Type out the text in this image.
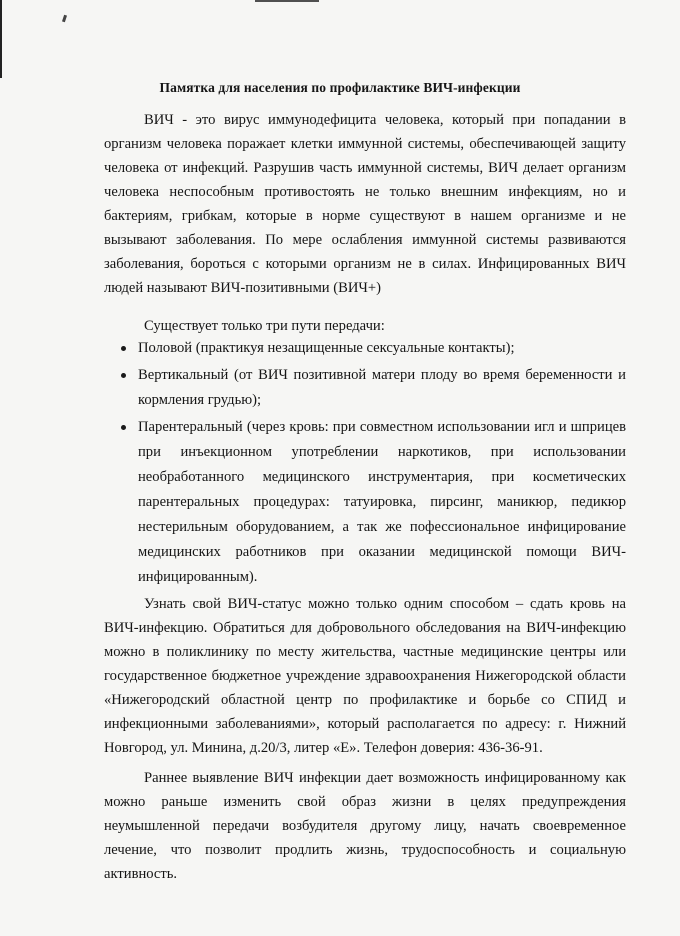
Памятка для населения по профилактике ВИЧ-инфекции

ВИЧ - это вирус иммунодефицита человека, который при попадании в организм человека поражает клетки иммунной системы, обеспечивающей защиту человека от инфекций. Разрушив часть иммунной системы, ВИЧ делает организм человека неспособным противостоять не только внешним инфекциям, но и бактериям, грибкам, которые в норме существуют в нашем организме и не вызывают заболевания. По мере ослабления иммунной системы развиваются заболевания, бороться с которыми организм не в силах. Инфицированных ВИЧ людей называют ВИЧ-позитивными (ВИЧ+)

Существует только три пути передачи:

Половой (практикуя незащищенные сексуальные контакты);
Вертикальный (от ВИЧ позитивной матери плоду во время беременности и кормления грудью);
Парентеральный (через кровь: при совместном использовании игл и шприцев при инъекционном употреблении наркотиков, при использовании необработанного медицинского инструментария, при косметических парентеральных процедурах: татуировка, пирсинг, маникюр, педикюр нестерильным оборудованием, а так же пофессиональное инфицирование медицинских работников при оказании медицинской помощи ВИЧ-инфицированным).

Узнать свой ВИЧ-статус можно только одним способом – сдать кровь на ВИЧ-инфекцию. Обратиться для добровольного обследования на ВИЧ-инфекцию можно в поликлинику по месту жительства, частные медицинские центры или государственное бюджетное учреждение здравоохранения Нижегородской области «Нижегородский областной центр по профилактике и борьбе со СПИД и инфекционными заболеваниями», который располагается по адресу: г. Нижний Новгород, ул. Минина, д.20/3, литер «Е». Телефон доверия: 436-36-91.

Раннее выявление ВИЧ инфекции дает возможность инфицированному как можно раньше изменить свой образ жизни в целях предупреждения неумышленной передачи возбудителя другому лицу, начать своевременное лечение, что позволит продлить жизнь, трудоспособность и социальную активность.
